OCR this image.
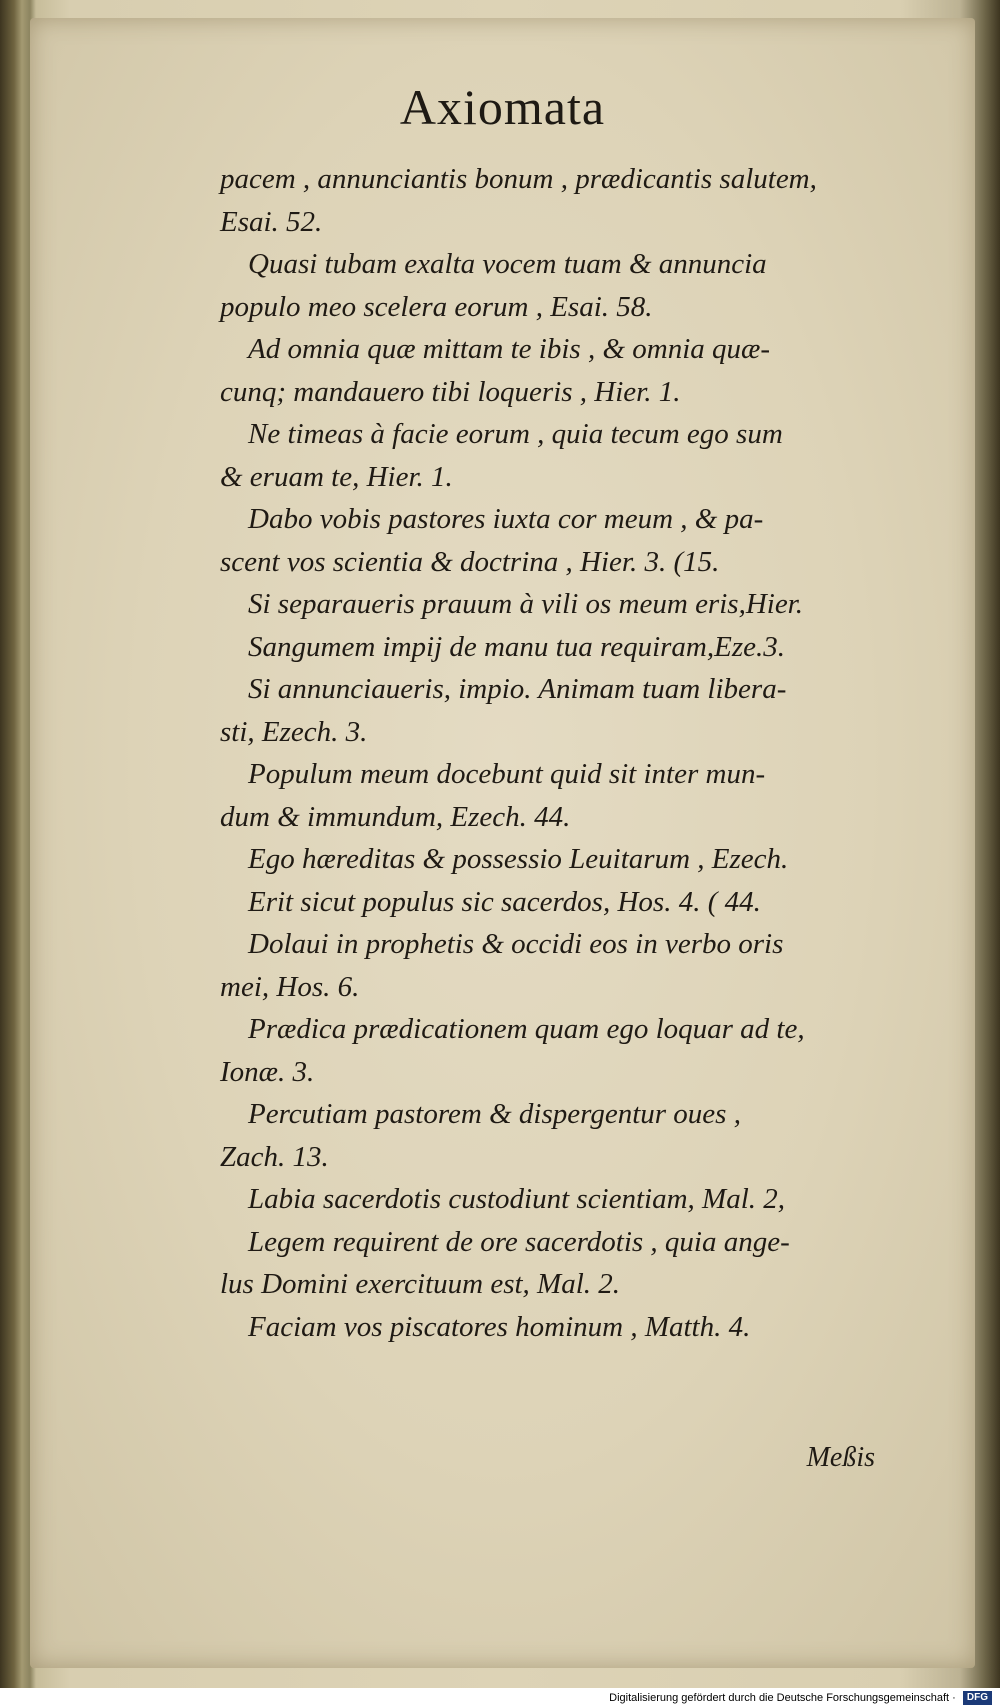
Axiomata
pacem , annunciantis bonum , prædicantis salutem,
Esai. 52.
Quasi tubam exalta vocem tuam & annuncia
populo meo scelera eorum , Esai. 58.
Ad omnia quæ mittam te ibis , & omnia quæ-
cunq; mandauero tibi loqueris , Hier. 1.
Ne timeas à facie eorum , quia tecum ego sum
& eruam te, Hier. 1.
Dabo vobis pastores iuxta cor meum , & pa-
scent vos scientia & doctrina , Hier. 3. (15.
Si separaueris prauum à vili os meum eris,Hier.
Sangumem impij de manu tua requiram,Eze.3.
Si annunciaueris, impio. Animam tuam libera-
sti, Ezech. 3.
Populum meum docebunt quid sit inter mun-
dum & immundum, Ezech. 44.
Ego hæreditas & possessio Leuitarum , Ezech.
Erit sicut populus sic sacerdos, Hos. 4. ( 44.
Dolaui in prophetis & occidi eos in verbo oris
mei, Hos. 6.
Prædica prædicationem quam ego loquar ad te,
Ionæ. 3.
Percutiam pastorem & dispergentur oues ,
Zach. 13.
Labia sacerdotis custodiunt scientiam, Mal. 2,
Legem requirent de ore sacerdotis , quia ange-
lus Domini exercituum est, Mal. 2.
Faciam vos piscatores hominum , Matth. 4.
Meßis
Digitalisierung gefördert durch die Deutsche Forschungsgemeinschaft · DFG
